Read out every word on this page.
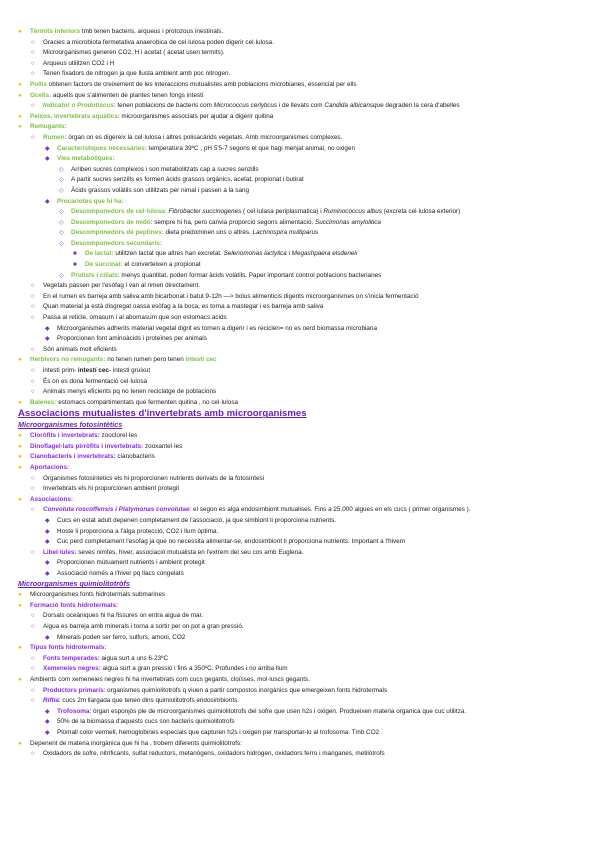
● Tèrmits inferiors tmb tenen bacteris, arqueus i protozous inestinals.
○ Gracies a microbiota fermetativa anaerobica de cel·lulosa poden digerir cel·lulosa.
○ Microorganismes generen CO2, H i acetat ( acetat usen termits).
○ Arqueus utilitzen CO2 i H
○ Tenen fixadors de nitrogen ja que llusta ambient amb poc nitrogen.
● Pollis obtenen factors de creixement de les interaccions mutualistes amb poblacions microbianes, essencial per ells
● Ocells: aquells que s'alimenten de plantes tenen fongs intestí
○ Indicator o Prodotiscus: tenen poblacions de bacteris com Micrococcus cerlyticus i de llevats com Candida albicansque degraden la cera d'abelles
● Peixos, invertebrats aquàtics: microorganismes associats per ajudar a digerir quitina
● Remugants:
○ Rumen: òrgan on es digereix la cel·lulosa i altres polisacàrids vegetals. Amb microorganismes complexes.
◆ Característiques necessàries: temperatura 39ºC , pH 5'5-7 segons el que hagi menjat animal, no oxigen
◆ Vies metabòliques:
◇ Arriben sucres complexos i son metabolitzats cap a sucres senzills
◇ A partir sucres senzills es formen àcids grassos orgànics, acetat, propionat i butirat
◇ Àcids grassos volàtils son utilitzats per nimal i passen a la sang
◆ Procariotes que hi ha:
◇ Descomponedors de cel·lulosa: Fibrobacter succinogenes ( cel·lulasa periplasmatica) i Ruminococcus albus (excreta cel·lulosa exterior)
◇ Descomponedors de midó: sempre hi ha, pero canvia proporció segons alimentació. Succimonas amylolitica
◇ Descomponedors de peptines: dieta predominen uns o altres. Lachnospira multiparus
◇ Descomponedors secundaris:
■ De lactat: utilitzen lactat que altres han excretat. Selenomonas lactylica i Megashpaera elsdeneii
■ De succinat: el converteixen a propionat
◇ Protists i ciliats: menys quantitat, poden formar àcids volàtils. Paper important control poblacions bacterianes
○ Vegetals passen per l'esòfag i van al rimen directament.
○ En el rumen es barreja amb saliva amb bicarbonat i batut 9-12h —> bolus alimenticis digerits microorganismes on s'inicia fermentació
○ Quan material ja està disgregat oassa esòfag a la boca, es torna a mastegar i es barreja amb saliva
○ Passa al reticle, omasum i al abomasum que son estomacs acids
◆ Microorganismes adherits material vegetal digrit es tornen a digerir i es reciclen= no es oerd biomassa microbiana
◆ Proporcionen font aminoàcids i proteïnes per animals
○ Són animals molt eficients
● Herbívors no remugants: no tenen rumen pero tenen intestí cec
○ intestí prim- intestí cec- intesti gruixut
○ És on es dona fermentació cel·lulosa
○ Animals menys eficients pq no tenen reciclatge de poblacions
● Balenes: estomacs compartimentats que fermenten quitina , no cel·lulosa
Associacions mutualistes d'invertebrats amb microorganismes
Microorganismes fotosintètics
● Cloròfits i invertebrats: zooclorel·les
● Dinoflagel·lats pirròfits i invertebrats: zooxantel·les
● Cianobacteris i invertebrats: cianobacteris
● Aportacions:
○ Organismes fotosintetics els hi proporcionen nutrients derivats de la fotosíntesi
○ Invertebrats els hi proporcionen ambient protegit
● Associacions:
○ Convoluta roscoffensis i Platymonas convolutae: el segon es alga endosimbiont mutualises. Fins a 25.000 algues en els cucs ( primer organismes ).
◆ Cucs en estat adult depenen completament de l'associació, ja que simbiont li proporciona nutrients.
◆ Hoste li proporciona a l'alga protecció, CO2 i llum òptima.
◆ Cuc perd completament l'esofag ja que no necessita alimentar-se, endosimbiont li proporciona nutrients. Important a l'hivern
○ Libel·lules: seves nimfes, hiver, associació mutualista en l'extrem del seu cos amb Euglena.
◆ Proporcionen mútuament nutrients i ambient protegit
◆ Associació només a l'hiver pq llacs congelats
Microorganismes quimiolitotròfs
● Microorganismes fonts hidrotermals submarines
● Formació fonts hidrotermals:
○ Dorsals oceàniques hi ha fissures on entra aigua de mar.
○ Aigua es barreja amb minerals i torna a sortir per on pot a gran pressió.
◆ Minerals poden ser ferro, sulfurs, amoni, CO2
● Tipus fonts hidrotermals:
○ Fonts temperades: aigua surt a uns 6-23ºC
○ Xemeneies negres: aigua surt a gran pressió i fins a 350ºC. Profundes i no arriba llum
● Ambients com xemeneies negres hi ha invertebrats com cucs gegants, cloïsses, mol·luscs gegants.
○ Productors primaris: organismes quimiolitotròfs q viuen a partir compostos inorgànics que emergeixen fonts hidrotermals
○ Riftia: cucs 2m llargada que tenen dins quimiolitotrofs endosimbionts.
◆ Trofosoma: òrgan esponjós ple de microorganismes quimiolitotrofs del sofre que usen h2s i oxigen. Produeixen materia organica que cuc utilitza.
◆ 50% de la biomassa d'aquests cucs son bacteris quimiolitotrofs
◆ Plomall color vermell, hemoglobines especials que capturen h2s i oxigen per transportar-lo al trofosoma. Tmb CO2
● Depenent de materia inorgànica que hi ha , trobem diferents quimiolitotrofs:
○ Oxidadors de sofre, nitrificants, sulfat reductors, metanògens, oxidadors hidrogen, oxidadors ferro i manganes, metilòtrofs
